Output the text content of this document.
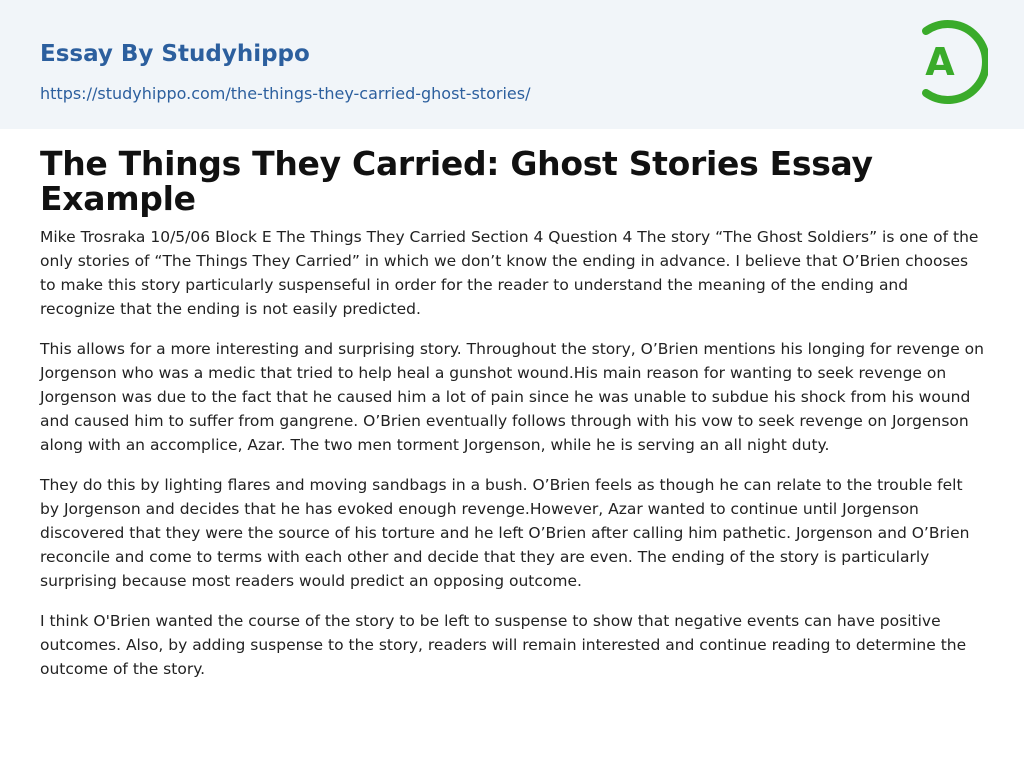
Essay By Studyhippo
https://studyhippo.com/the-things-they-carried-ghost-stories/
A
The Things They Carried: Ghost Stories Essay Example

Mike Trosraka 10/5/06 Block E The Things They Carried Section 4 Question 4 The story “The Ghost Soldiers” is one of the only stories of “The Things They Carried” in which we don’t know the ending in advance. I believe that O’Brien chooses to make this story particularly suspenseful in order for the reader to understand the meaning of the ending and recognize that the ending is not easily predicted.

This allows for a more interesting and surprising story. Throughout the story, O’Brien mentions his longing for revenge on Jorgenson who was a medic that tried to help heal a gunshot wound.His main reason for wanting to seek revenge on Jorgenson was due to the fact that he caused him a lot of pain since he was unable to subdue his shock from his wound and caused him to suffer from gangrene. O’Brien eventually follows through with his vow to seek revenge on Jorgenson along with an accomplice, Azar. The two men torment Jorgenson, while he is serving an all night duty.

They do this by lighting flares and moving sandbags in a bush. O’Brien feels as though he can relate to the trouble felt by Jorgenson and decides that he has evoked enough revenge.However, Azar wanted to continue until Jorgenson discovered that they were the source of his torture and he left O’Brien after calling him pathetic. Jorgenson and O’Brien reconcile and come to terms with each other and decide that they are even. The ending of the story is particularly surprising because most readers would predict an opposing outcome.

I think O'Brien wanted the course of the story to be left to suspense to show that negative events can have positive outcomes. Also, by adding suspense to the story, readers will remain interested and continue reading to determine the outcome of the story.
